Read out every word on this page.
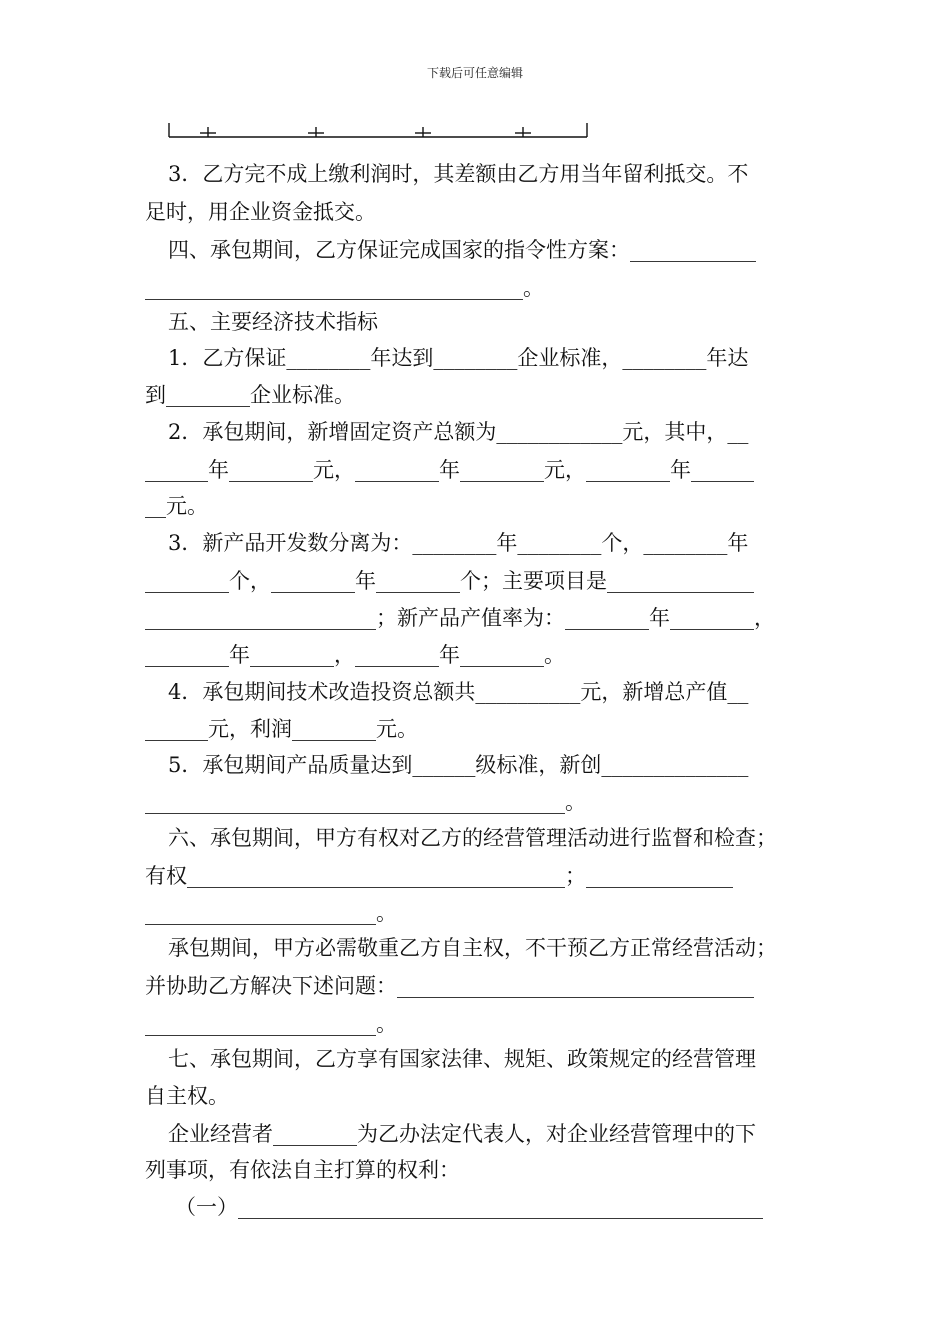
下载后可任意编辑
3．乙方完不成上缴利润时，其差额由乙方用当年留利抵交。不
足时，用企业资金抵交。
四、承包期间，乙方保证完成国家的指令性方案：____________
____________________________________。
五、主要经济技术指标
1．乙方保证________年达到________企业标准，________年达
到________企业标准。
2．承包期间，新增固定资产总额为____________元，其中，__
______年________元，________年________元，________年______
__元。
3．新产品开发数分离为：________年________个，________年
________个，________年________个；主要项目是______________
______________________；新产品产值率为：________年________，
________年________，________年________。
4．承包期间技术改造投资总额共__________元，新增总产值__
______元，利润________元。
5．承包期间产品质量达到______级标准，新创______________
________________________________________。
六、承包期间，甲方有权对乙方的经营管理活动进行监督和检查；
有权____________________________________；______________
______________________。
承包期间，甲方必需敬重乙方自主权，不干预乙方正常经营活动；
并协助乙方解决下述问题：__________________________________
______________________。
七、承包期间，乙方享有国家法律、规矩、政策规定的经营管理
自主权。
企业经营者________为乙办法定代表人，对企业经营管理中的下
列事项，有依法自主打算的权利：
（一）__________________________________________________
